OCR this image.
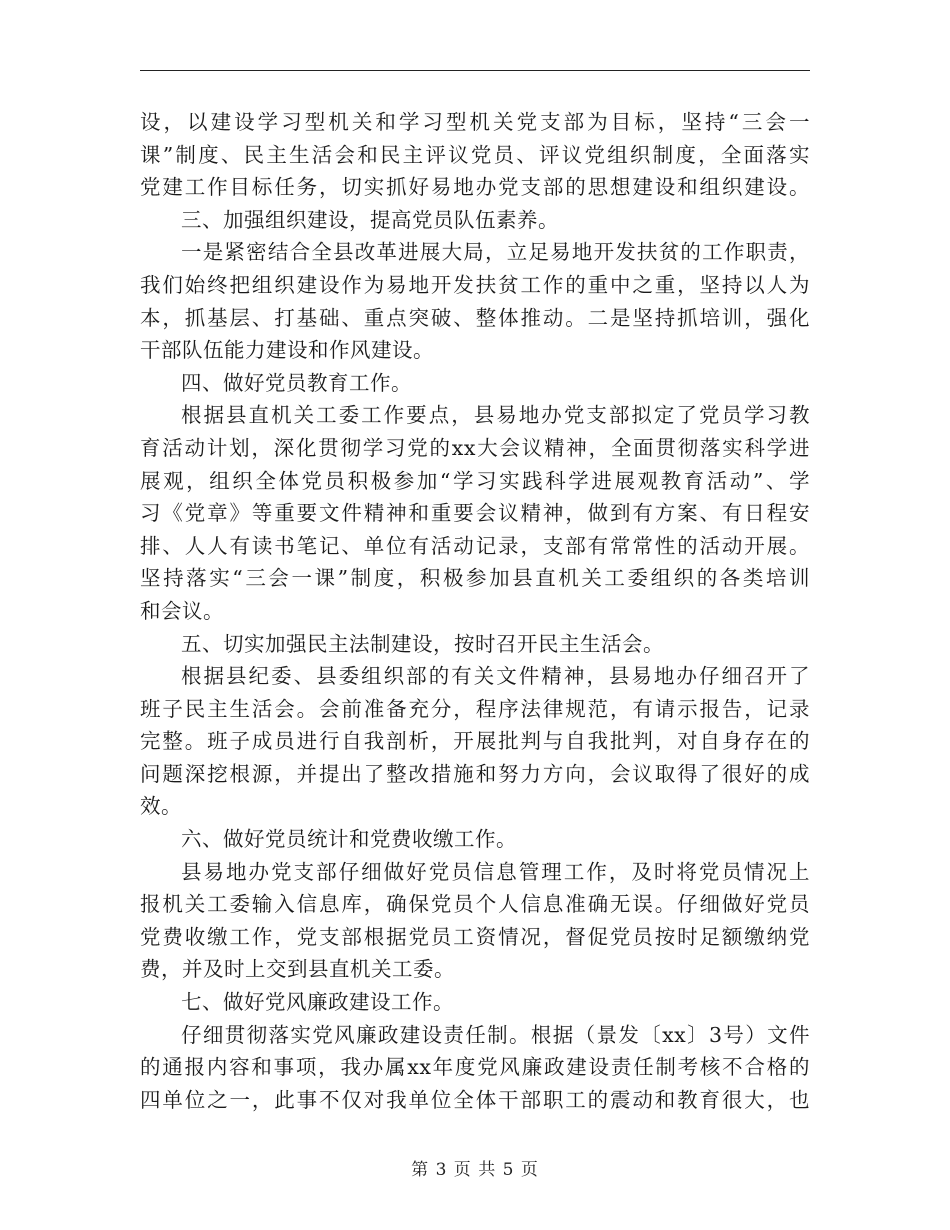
设，以建设学习型机关和学习型机关党支部为目标，坚持“三会一
课”制度、民主生活会和民主评议党员、评议党组织制度，全面落实
党建工作目标任务，切实抓好易地办党支部的思想建设和组织建设。
三、加强组织建设，提高党员队伍素养。
一是紧密结合全县改革进展大局，立足易地开发扶贫的工作职责，
我们始终把组织建设作为易地开发扶贫工作的重中之重，坚持以人为
本，抓基层、打基础、重点突破、整体推动。二是坚持抓培训，强化
干部队伍能力建设和作风建设。
四、做好党员教育工作。
根据县直机关工委工作要点，县易地办党支部拟定了党员学习教
育活动计划，深化贯彻学习党的xx大会议精神，全面贯彻落实科学进
展观，组织全体党员积极参加“学习实践科学进展观教育活动”、学
习《党章》等重要文件精神和重要会议精神，做到有方案、有日程安
排、人人有读书笔记、单位有活动记录，支部有常常性的活动开展。
坚持落实“三会一课”制度，积极参加县直机关工委组织的各类培训
和会议。
五、切实加强民主法制建设，按时召开民主生活会。
根据县纪委、县委组织部的有关文件精神，县易地办仔细召开了
班子民主生活会。会前准备充分，程序法律规范，有请示报告，记录
完整。班子成员进行自我剖析，开展批判与自我批判，对自身存在的
问题深挖根源，并提出了整改措施和努力方向，会议取得了很好的成
效。
六、做好党员统计和党费收缴工作。
县易地办党支部仔细做好党员信息管理工作，及时将党员情况上
报机关工委输入信息库，确保党员个人信息准确无误。仔细做好党员
党费收缴工作，党支部根据党员工资情况，督促党员按时足额缴纳党
费，并及时上交到县直机关工委。
七、做好党风廉政建设工作。
仔细贯彻落实党风廉政建设责任制。根据（景发〔xx〕3号）文件
的通报内容和事项，我办属xx年度党风廉政建设责任制考核不合格的
四单位之一，此事不仅对我单位全体干部职工的震动和教育很大，也
第 3 页 共 5 页
